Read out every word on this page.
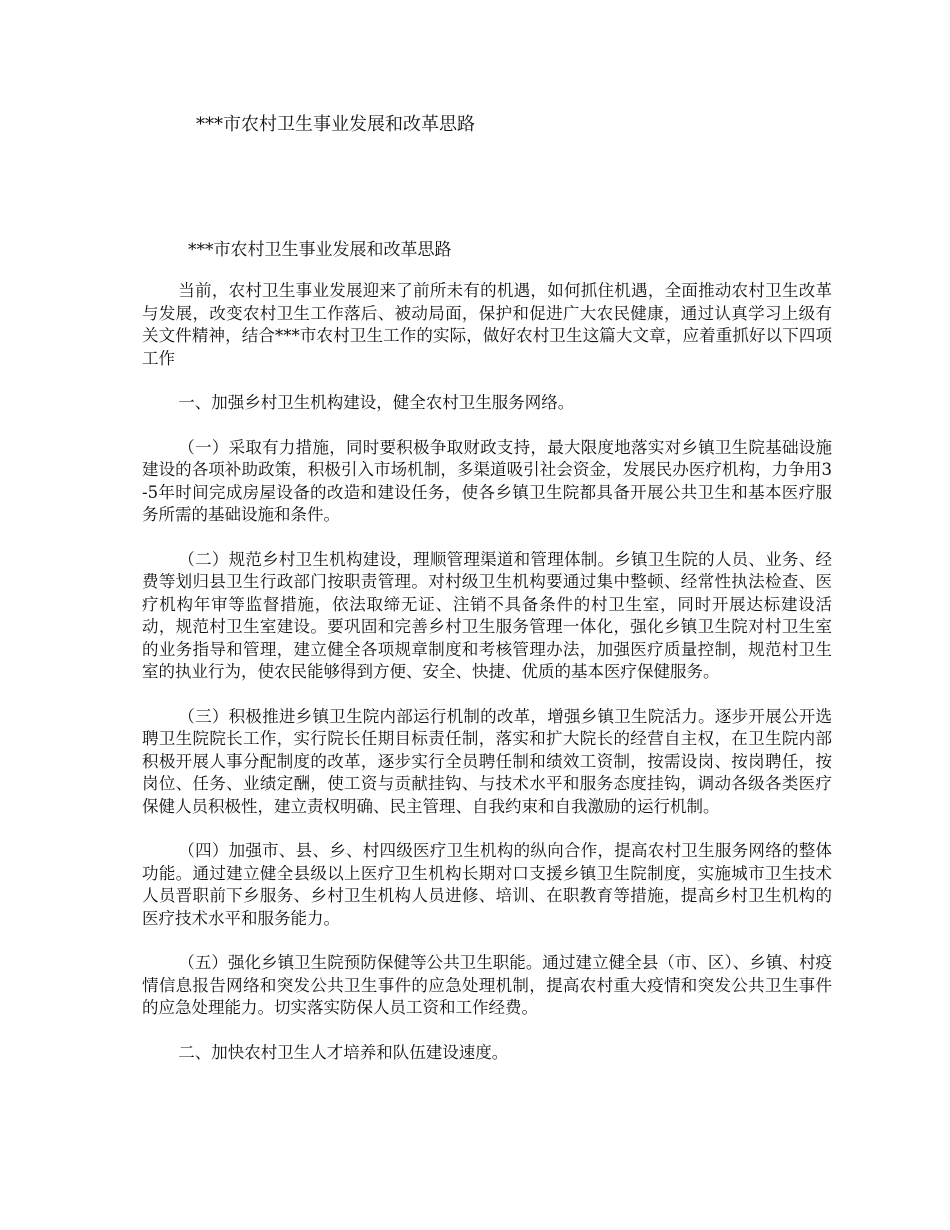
***市农村卫生事业发展和改革思路
***市农村卫生事业发展和改革思路

当前，农村卫生事业发展迎来了前所未有的机遇，如何抓住机遇，全面推动农村卫生改革与发展，改变农村卫生工作落后、被动局面，保护和促进广大农民健康，通过认真学习上级有关文件精神，结合***市农村卫生工作的实际，做好农村卫生这篇大文章，应着重抓好以下四项工作

一、加强乡村卫生机构建设，健全农村卫生服务网络。

（一）采取有力措施，同时要积极争取财政支持，最大限度地落实对乡镇卫生院基础设施建设的各项补助政策，积极引入市场机制，多渠道吸引社会资金，发展民办医疗机构，力争用3-5年时间完成房屋设备的改造和建设任务，使各乡镇卫生院都具备开展公共卫生和基本医疗服务所需的基础设施和条件。

（二）规范乡村卫生机构建设，理顺管理渠道和管理体制。乡镇卫生院的人员、业务、经费等划归县卫生行政部门按职责管理。对村级卫生机构要通过集中整顿、经常性执法检查、医疗机构年审等监督措施，依法取缔无证、注销不具备条件的村卫生室，同时开展达标建设活动，规范村卫生室建设。要巩固和完善乡村卫生服务管理一体化，强化乡镇卫生院对村卫生室的业务指导和管理，建立健全各项规章制度和考核管理办法，加强医疗质量控制，规范村卫生室的执业行为，使农民能够得到方便、安全、快捷、优质的基本医疗保健服务。

（三）积极推进乡镇卫生院内部运行机制的改革，增强乡镇卫生院活力。逐步开展公开选聘卫生院院长工作，实行院长任期目标责任制，落实和扩大院长的经营自主权，在卫生院内部积极开展人事分配制度的改革，逐步实行全员聘任制和绩效工资制，按需设岗、按岗聘任，按岗位、任务、业绩定酬，使工资与贡献挂钩、与技术水平和服务态度挂钩，调动各级各类医疗保健人员积极性，建立责权明确、民主管理、自我约束和自我激励的运行机制。

（四）加强市、县、乡、村四级医疗卫生机构的纵向合作，提高农村卫生服务网络的整体功能。通过建立健全县级以上医疗卫生机构长期对口支援乡镇卫生院制度，实施城市卫生技术人员晋职前下乡服务、乡村卫生机构人员进修、培训、在职教育等措施，提高乡村卫生机构的医疗技术水平和服务能力。

（五）强化乡镇卫生院预防保健等公共卫生职能。通过建立健全县（市、区）、乡镇、村疫情信息报告网络和突发公共卫生事件的应急处理机制，提高农村重大疫情和突发公共卫生事件的应急处理能力。切实落实防保人员工资和工作经费。

二、加快农村卫生人才培养和队伍建设速度。
